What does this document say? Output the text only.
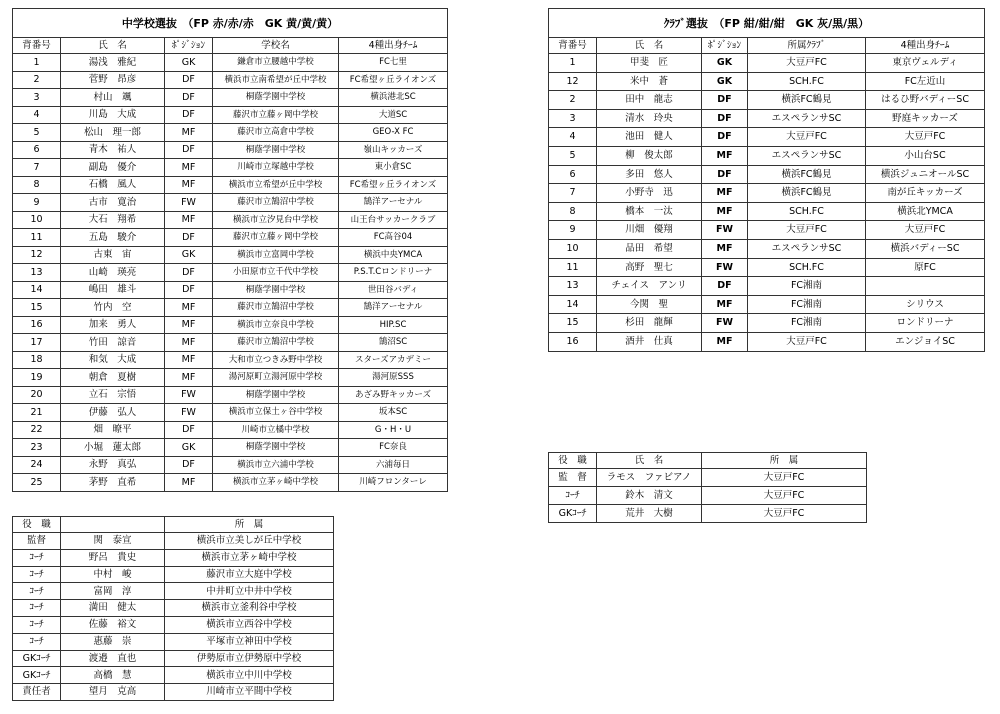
中学校選抜　（FP 赤/赤/赤　GK 黄/黄/黄）				
背番号	氏　名	ﾎﾟｼﾞｼｮﾝ	学校名	4種出身ﾁｰﾑ
1	湯浅　雅紀	GK	鎌倉市立腰越中学校	FC七里
2	菅野　昂彦	DF	横浜市立南希望が丘中学校	FC希望ヶ丘ライオンズ
3	村山　颯	DF	桐蔭学園中学校	横浜港北SC
4	川島　大成	DF	藤沢市立藤ヶ岡中学校	大道SC
5	松山　理一郎	MF	藤沢市立高倉中学校	GEO-X FC
6	青木　祐人	DF	桐蔭学園中学校	嶺山キッカーズ
7	副島　優介	MF	川崎市立塚越中学校	東小倉SC
8	石橋　風人	MF	横浜市立希望が丘中学校	FC希望ヶ丘ライオンズ
9	古市　寛治	FW	藤沢市立鵠沼中学校	鵠洋アーセナル
10	大石　翔希	MF	横浜市立汐見台中学校	山王台サッカークラブ
11	五島　駿介	DF	藤沢市立藤ヶ岡中学校	FC高谷04
12	古東　宙	GK	横浜市立富岡中学校	横浜中央YMCA
13	山崎　瑛亮	DF	小田原市立千代中学校	P.S.T.Cロンドリーナ
14	嶋田　雄斗	DF	桐蔭学園中学校	世田谷バディ
15	竹内　空	MF	藤沢市立鵠沼中学校	鵠洋アーセナル
16	加来　勇人	MF	横浜市立奈良中学校	HIP.SC
17	竹田　諒音	MF	藤沢市立鵠沼中学校	鵠沼SC
18	和気　大成	MF	大和市立つきみ野中学校	スターズアカデミー
19	朝倉　夏樹	MF	湯河原町立湯河原中学校	湯河原SSS
20	立石　宗悟	FW	桐蔭学園中学校	あざみ野キッカーズ
21	伊藤　弘人	FW	横浜市立保土ヶ谷中学校	坂本SC
22	畑　暸平	DF	川崎市立橘中学校	G・H・U
23	小堀　蓮太郎	GK	桐蔭学園中学校	FC奈良
24	永野　真弘	DF	横浜市立六浦中学校	六浦毎日
25	茅野　直希	MF	横浜市立茅ヶ崎中学校	川崎フロンターレ
ｸﾗﾌﾞ選抜　（FP 紺/紺/紺　GK 灰/黒/黒）				
背番号	氏　名	ﾎﾟｼﾞｼｮﾝ	所属ｸﾗﾌﾞ	4種出身ﾁｰﾑ
1	甲斐　匠	GK	大豆戸FC	東京ヴェルディ
12	米中　蒼	GK	SCH.FC	FC左近山
2	田中　龍志	DF	横浜FC鶴見	はるひ野バディーSC
3	清水　玲央	DF	エスペランサSC	野庭キッカーズ
4	池田　健人	DF	大豆戸FC	大豆戸FC
5	柳　俊太郎	MF	エスペランサSC	小山台SC
6	多田　悠人	DF	横浜FC鶴見	横浜ジュニオールSC
7	小野寺　迅	MF	横浜FC鶴見	南が丘キッカーズ
8	橋本　一汰	MF	SCH.FC	横浜北YMCA
9	川畑　優翔	FW	大豆戸FC	大豆戸FC
10	品田　希望	MF	エスペランサSC	横浜バディーSC
11	高野　聖七	FW	SCH.FC	原FC
13	チェイス　アンリ	DF	FC湘南	
14	今関　聖	MF	FC湘南	シリウス
15	杉田　龍輝	FW	FC湘南	ロンドリーナ
16	酒井　仕真	MF	大豆戸FC	エンジョイSC
役　職		所　属
監督	関　泰宣	横浜市立美しが丘中学校
ｺｰﾁ	野呂　貴史	横浜市立茅ヶ崎中学校
ｺｰﾁ	中村　峻	藤沢市立大庭中学校
ｺｰﾁ	富岡　淳	中井町立中井中学校
ｺｰﾁ	満田　健太	横浜市立釜利谷中学校
ｺｰﾁ	佐藤　裕文	横浜市立西谷中学校
ｺｰﾁ	惠藤　崇	平塚市立神田中学校
GKｺｰﾁ	渡邉　直也	伊勢原市立伊勢原中学校
GKｺｰﾁ	高橋　慧	横浜市立中川中学校
責任者	望月　克高	川崎市立平間中学校
役　職	氏　名	所　属
監　督	ラモス　ファビアノ	大豆戸FC
ｺｰﾁ	鈴木　清文	大豆戸FC
GKｺｰﾁ	荒井　大樹	大豆戸FC
